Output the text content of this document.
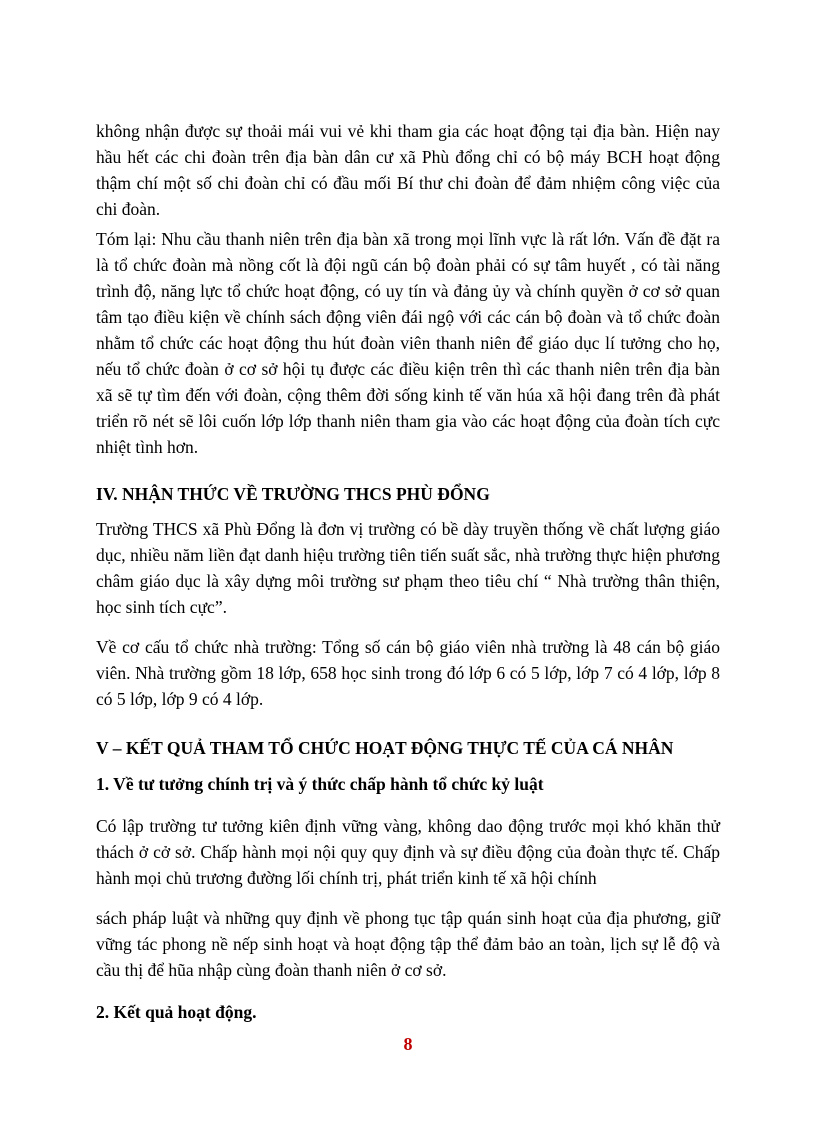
không nhận được sự thoải mái vui vẻ khi tham gia các hoạt động tại địa bàn. Hiện nay hầu hết các chi đoàn trên địa bàn dân cư xã Phù đổng chỉ có bộ máy BCH hoạt động thậm chí một số chi đoàn chỉ có đầu mối Bí thư chi đoàn để đảm nhiệm công việc của chi đoàn.

Tóm lại: Nhu cầu thanh niên trên địa bàn xã trong mọi lĩnh vực là rất lớn. Vấn đề đặt ra là tổ chức đoàn mà nồng cốt là đội ngũ cán bộ đoàn phải có sự tâm huyết , có tài năng trình độ, năng lực tổ chức hoạt động, có uy tín và đảng ủy và chính quyền ở cơ sở quan tâm tạo điều kiện về chính sách động viên đái ngộ với các cán bộ đoàn và tổ chức đoàn nhằm tổ chức các hoạt động thu hút đoàn viên thanh niên để giáo dục lí tưởng cho họ, nếu tổ chức đoàn ở cơ sở hội tụ được các điều kiện trên thì các thanh niên trên địa bàn xã sẽ tự tìm đến với đoàn, cộng thêm đời sống kinh tế văn húa xã hội đang trên đà phát triển rõ nét sẽ lôi cuốn lớp lớp thanh niên tham gia vào các hoạt động của đoàn tích cực nhiệt tình hơn.

IV. NHẬN THỨC VỀ TRƯỜNG THCS PHÙ ĐỔNG

Trường THCS xã Phù Đổng là đơn vị trường có bề dày truyền thống về chất lượng giáo dục, nhiều năm liền đạt danh hiệu trường tiên tiến suất sắc, nhà trường thực hiện phương châm giáo dục là xây dựng môi trường sư phạm theo tiêu chí “ Nhà trường thân thiện, học sinh tích cực”.

Về cơ cấu tổ chức nhà trường: Tổng số cán bộ giáo viên nhà trường là 48 cán bộ giáo viên. Nhà trường gồm 18 lớp, 658 học sinh trong đó lớp 6 có 5 lớp, lớp 7 có 4 lớp, lớp 8 có 5 lớp, lớp 9 có 4 lớp.

V – KẾT QUẢ THAM TỔ CHỨC HOẠT ĐỘNG THỰC TẾ CỦA CÁ NHÂN
1. Về tư tưởng chính trị và ý thức chấp hành tổ chức kỷ luật

Có lập trường tư tưởng kiên định vững vàng, không dao động trước mọi khó khăn thử thách ở cở sở. Chấp hành mọi nội quy quy định và sự điều động của đoàn thực tế. Chấp hành mọi chủ trương đường lối chính trị, phát triển kinh tế xã hội chính

sách pháp luật và những quy định về phong tục tập quán sinh hoạt của địa phương, giữ vững tác phong nề nếp sinh hoạt và hoạt động tập thể đảm bảo an toàn, lịch sự lễ độ và cầu thị để hũa nhập cùng đoàn thanh niên ở cơ sở.

2. Kết quả hoạt động.
8
